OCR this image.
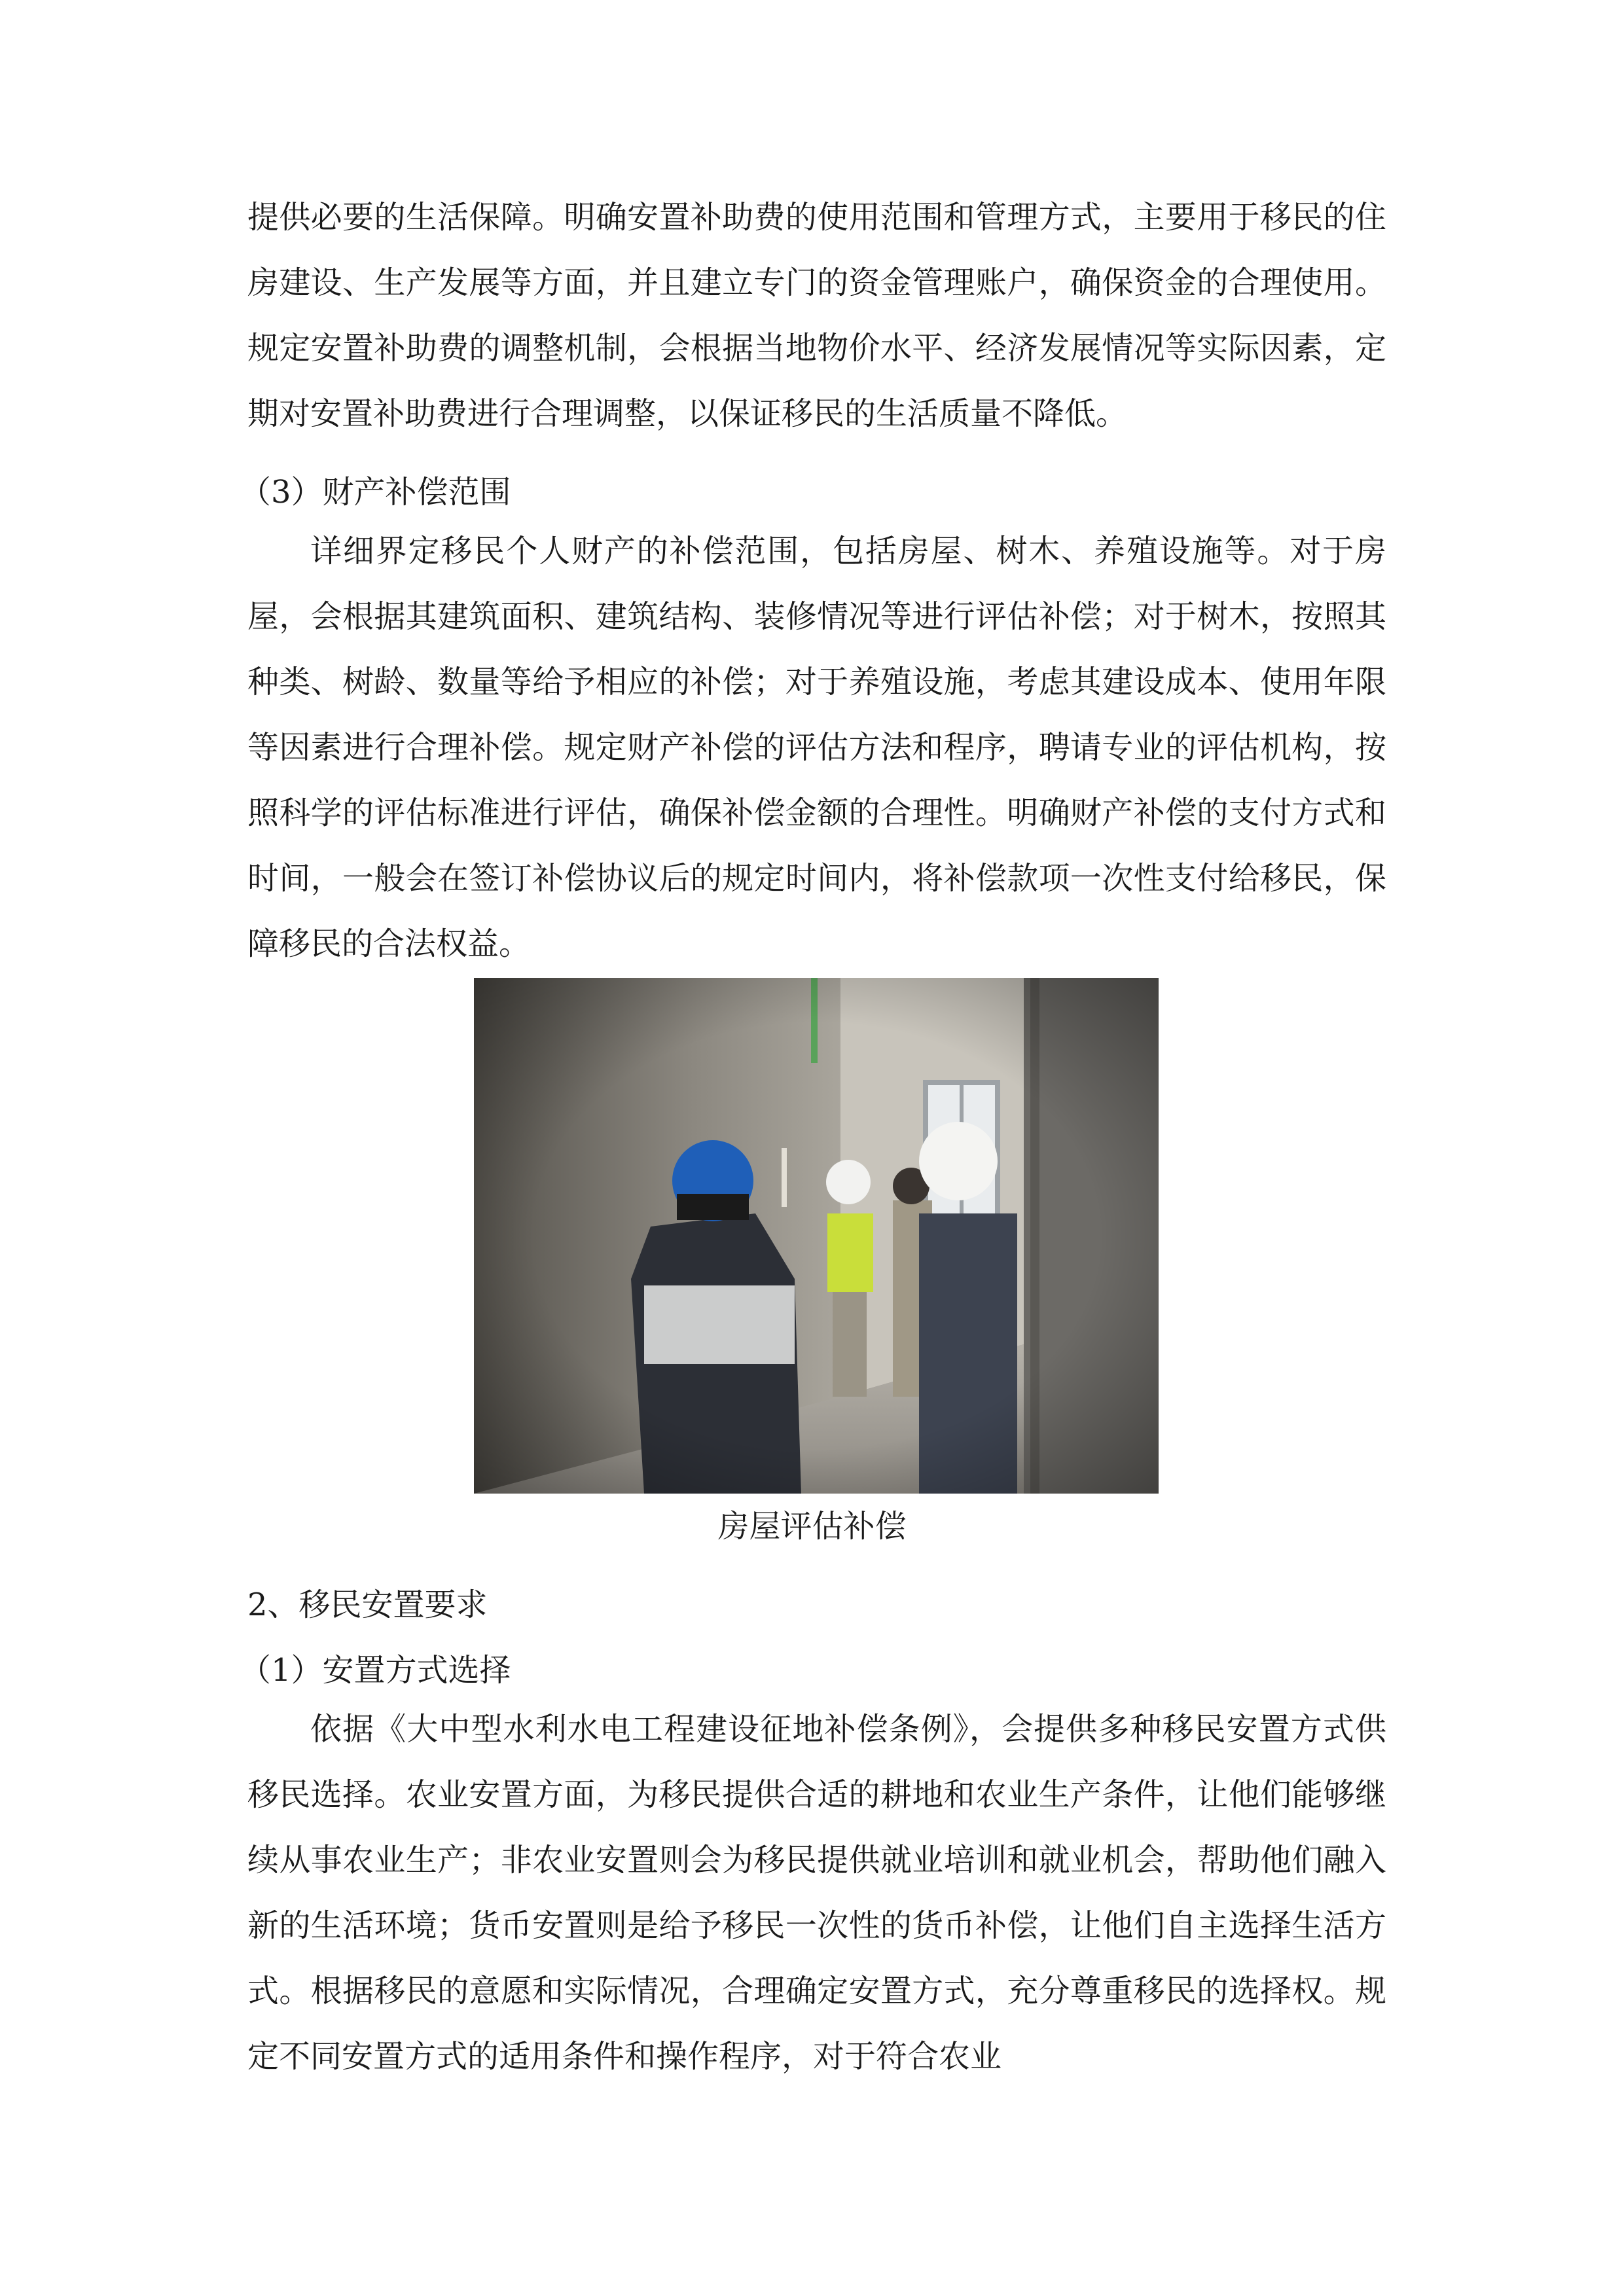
提供必要的生活保障。明确安置补助费的使用范围和管理方式，主要用于移民的住房建设、生产发展等方面，并且建立专门的资金管理账户，确保资金的合理使用。规定安置补助费的调整机制，会根据当地物价水平、经济发展情况等实际因素，定期对安置补助费进行合理调整，以保证移民的生活质量不降低。

（3）财产补偿范围

详细界定移民个人财产的补偿范围，包括房屋、树木、养殖设施等。对于房屋，会根据其建筑面积、建筑结构、装修情况等进行评估补偿；对于树木，按照其种类、树龄、数量等给予相应的补偿；对于养殖设施，考虑其建设成本、使用年限等因素进行合理补偿。规定财产补偿的评估方法和程序，聘请专业的评估机构，按照科学的评估标准进行评估，确保补偿金额的合理性。明确财产补偿的支付方式和时间，一般会在签订补偿协议后的规定时间内，将补偿款项一次性支付给移民，保障移民的合法权益。

房屋评估补偿

2、移民安置要求

（1）安置方式选择

依据《大中型水利水电工程建设征地补偿条例》，会提供多种移民安置方式供移民选择。农业安置方面，为移民提供合适的耕地和农业生产条件，让他们能够继续从事农业生产；非农业安置则会为移民提供就业培训和就业机会，帮助他们融入新的生活环境；货币安置则是给予移民一次性的货币补偿，让他们自主选择生活方式。根据移民的意愿和实际情况，合理确定安置方式，充分尊重移民的选择权。规定不同安置方式的适用条件和操作程序，对于符合农业
